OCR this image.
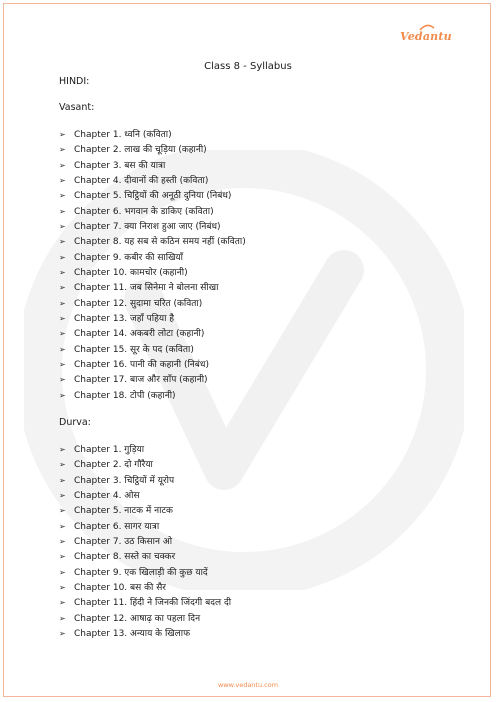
Vedantu
Class 8 - Syllabus
HINDI:
Vasant:
➢ Chapter 1. ध्वनि (कविता)
➢ Chapter 2. लाख की चूड़िया (कहानी)
➢ Chapter 3. बस की यात्रा
➢ Chapter 4. दीवानों की हस्ती (कविता)
➢ Chapter 5. चिट्ठियों की अनूठी दुनिया (निबंध)
➢ Chapter 6. भगवान के डाकिए (कविता)
➢ Chapter 7. क्या निराश हुआ जाए (निबंध)
➢ Chapter 8. यह सब से कठिन समय नहीं (कविता)
➢ Chapter 9. कबीर की साखियाँ
➢ Chapter 10. कामचोर (कहानी)
➢ Chapter 11. जब सिनेमा ने बोलना सीखा
➢ Chapter 12. सुदामा चरित (कविता)
➢ Chapter 13. जहाँ पहिया है
➢ Chapter 14. अकबरी लोटा (कहानी)
➢ Chapter 15. सूर के पद (कविता)
➢ Chapter 16. पानी की कहानी (निबंध)
➢ Chapter 17. बाज और साँप (कहानी)
➢ Chapter 18. टोपी (कहानी)
Durva:
➢ Chapter 1. गुड़िया
➢ Chapter 2. दो गौरैया
➢ Chapter 3. चिट्ठियों में यूरोप
➢ Chapter 4. ओस
➢ Chapter 5. नाटक में नाटक
➢ Chapter 6. सागर यात्रा
➢ Chapter 7. उठ किसान ओ
➢ Chapter 8. सस्ते का चक्कर
➢ Chapter 9. एक खिलाड़ी की कुछ यादें
➢ Chapter 10. बस की सैर
➢ Chapter 11. हिंदी ने जिनकी जिंदगी बदल दी
➢ Chapter 12. आषाढ़ का पहला दिन
➢ Chapter 13. अन्याय के खिलाफ
www.vedantu.com
